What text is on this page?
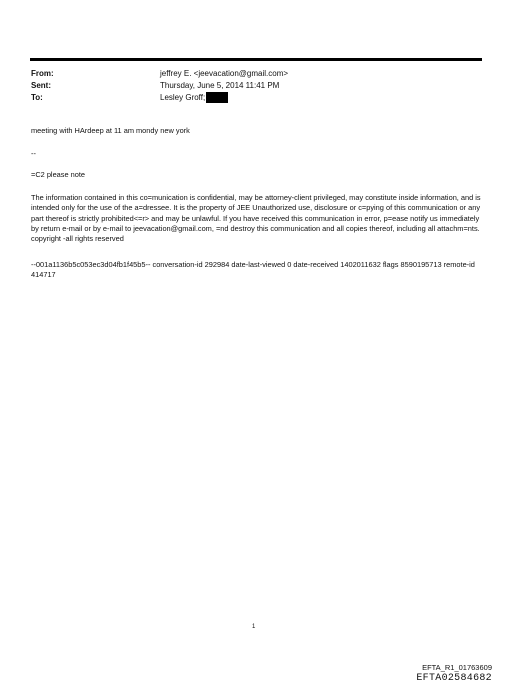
From:	jeffrey E. <jeevacation@gmail.com>
Sent:	Thursday, June 5, 2014 11:41 PM
To:	Lesley Groff;
meeting with HArdeep at 11 am mondy new york
--
=C2 please note
The information contained in this co=munication is confidential, may be attorney-client privileged, may constitute inside information, and is intended only for the use of the a=dressee. It is the property of JEE Unauthorized use, disclosure or c=pying of this communication or any part thereof is strictly prohibited<=r> and may be unlawful. If you have received this communication in error, p=ease notify us immediately by return e-mail or by e-mail to jeevacation@gmail.com, =nd destroy this communication and all copies thereof, including all attachm=nts. copyright -all rights reserved
--001a1136b5c053ec3d04fb1f45b5-- conversation-id 292984 date-last-viewed 0 date-received 1402011632 flags 8590195713 remote-id 414717
1
EFTA_R1_01763609
EFTA02584682
